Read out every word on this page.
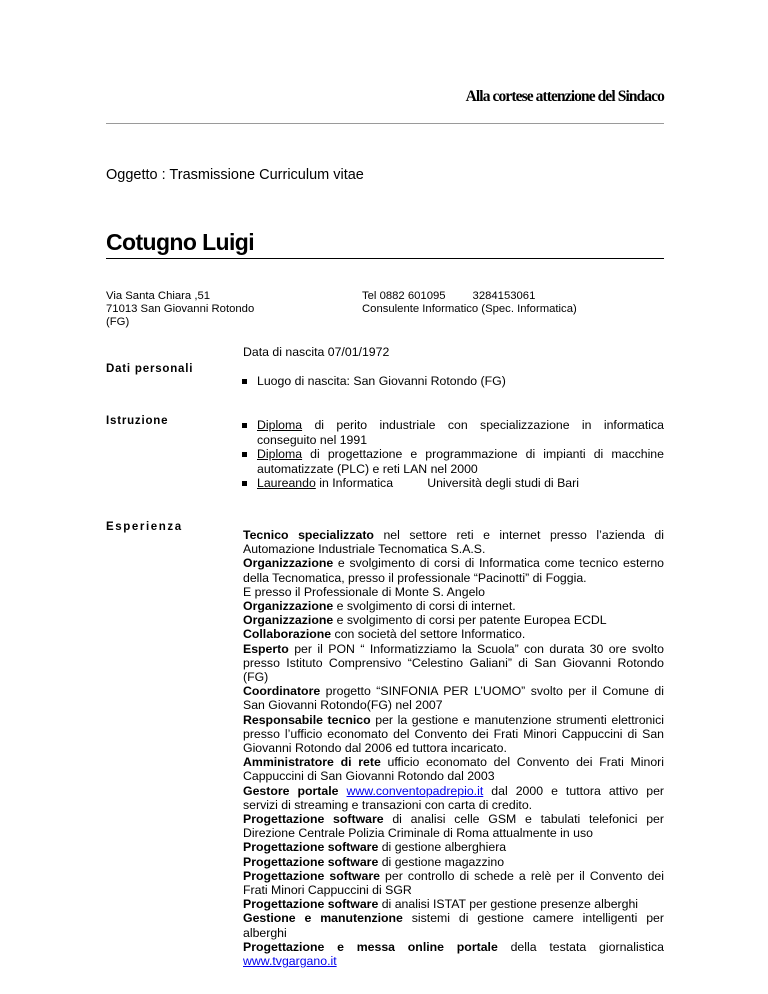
Alla cortese attenzione del Sindaco
Oggetto : Trasmissione Curriculum vitae
Cotugno Luigi
Via Santa Chiara ,51
71013 San Giovanni Rotondo
(FG)
Tel 0882 601095 3284153061
Consulente Informatico (Spec. Informatica)
Data di nascita 07/01/1972
Dati personali
Luogo di nascita: San Giovanni Rotondo (FG)
Istruzione	Diploma di perito industriale con specializzazione in informatica conseguito nel 1991
Diploma di progettazione e programmazione di impianti di macchine automatizzate (PLC) e reti LAN nel 2000
Laureando in Informatica          Università degli studi di Bari
Esperienza

Tecnico specializzato nel settore reti e internet presso l’azienda di Automazione Industriale Tecnomatica S.A.S.

Organizzazione e svolgimento di corsi di Informatica come tecnico esterno della Tecnomatica, presso il professionale “Pacinotti” di Foggia.

E presso il Professionale di Monte S. Angelo

Organizzazione e svolgimento di corsi di internet.

Organizzazione e svolgimento di corsi per patente Europea ECDL

Collaborazione con società del settore Informatico.

Esperto per il PON “ Informatizziamo la Scuola” con durata 30 ore svolto presso Istituto Comprensivo “Celestino Galiani” di San Giovanni Rotondo (FG)

Coordinatore progetto “SINFONIA PER L’UOMO” svolto per il Comune di San Giovanni Rotondo(FG) nel 2007

Responsabile tecnico per la gestione e manutenzione strumenti elettronici presso l’ufficio economato del Convento dei Frati Minori Cappuccini di San Giovanni Rotondo dal 2006 ed tuttora incaricato.

Amministratore di rete ufficio economato del Convento dei Frati Minori Cappuccini di San Giovanni Rotondo dal 2003

Gestore portale www.conventopadrepio.it dal 2000 e tuttora attivo per servizi di streaming e transazioni con carta di credito.

Progettazione software di analisi celle GSM e tabulati telefonici per Direzione Centrale Polizia Criminale di Roma attualmente in uso

Progettazione software di gestione alberghiera

Progettazione software di gestione magazzino

Progettazione software per controllo di schede a relè per il Convento dei Frati Minori Cappuccini di SGR

Progettazione software di analisi ISTAT per gestione presenze alberghi

Gestione e manutenzione sistemi di gestione camere intelligenti per alberghi

Progettazione e messa online portale della testata giornalistica www.tvgargano.it
